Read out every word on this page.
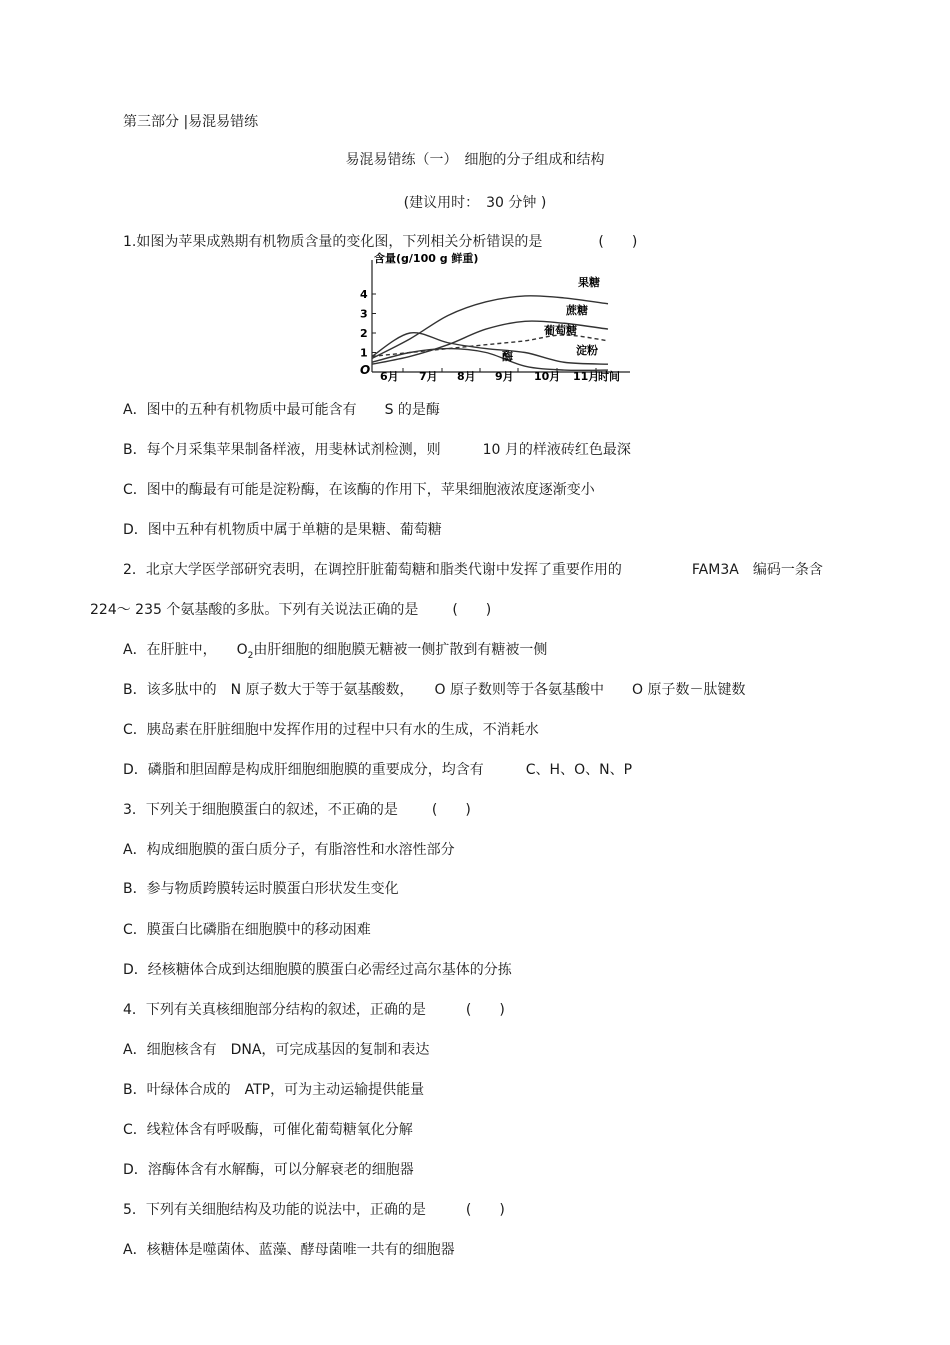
第三部分 |易混易错练
易混易错练（一）　细胞的分子组成和结构
(建议用时：　30 分钟 )
1.如图为苹果成熟期有机物质含量的变化图，下列相关分析错误的是	(　　)
含量(g/100 g 鲜重)
O
1
2
3
4
6月 7月 8月 9月 10月 11月
时间
果糖
蔗糖
葡萄糖
淀粉
酶
A．图中的五种有机物质中最可能含有　　S 的是酶
B．每个月采集苹果制备样液，用斐林试剂检测，则　　　10 月的样液砖红色最深
C．图中的酶最有可能是淀粉酶，在该酶的作用下，苹果细胞液浓度逐渐变小
D．图中五种有机物质中属于单糖的是果糖、葡萄糖
2．北京大学医学部研究表明，在调控肝脏葡萄糖和脂类代谢中发挥了重要作用的	FAM3A　编码一条含
224～ 235 个氨基酸的多肽。下列有关说法正确的是 (　　)
A．在肝脏中， $O_2$由肝细胞的细胞膜无糖被一侧扩散到有糖被一侧
B．该多肽中的　N 原子数大于等于氨基酸数，　　O 原子数则等于各氨基酸中　　O 原子数－肽键数
C．胰岛素在肝脏细胞中发挥作用的过程中只有水的生成，不消耗水
D．磷脂和胆固醇是构成肝细胞细胞膜的重要成分，均含有　　　C、H、O、N、P
3．下列关于细胞膜蛋白的叙述，不正确的是 (　　)
A．构成细胞膜的蛋白质分子，有脂溶性和水溶性部分
B．参与物质跨膜转运时膜蛋白形状发生变化
C．膜蛋白比磷脂在细胞膜中的移动困难
D．经核糖体合成到达细胞膜的膜蛋白必需经过高尔基体的分拣
4．下列有关真核细胞部分结构的叙述，正确的是	(　　)
A．细胞核含有　DNA，可完成基因的复制和表达
B．叶绿体合成的　ATP，可为主动运输提供能量
C．线粒体含有呼吸酶，可催化葡萄糖氧化分解
D．溶酶体含有水解酶，可以分解衰老的细胞器
5．下列有关细胞结构及功能的说法中，正确的是	(　　)
A．核糖体是噬菌体、蓝藻、酵母菌唯一共有的细胞器
